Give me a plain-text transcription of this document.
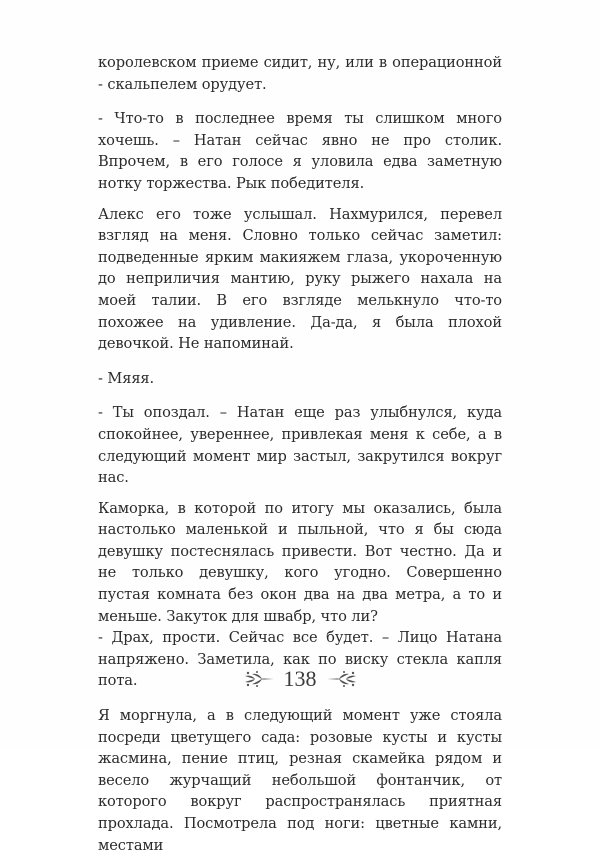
королевском приеме сидит, ну, или в операционной - скальпелем орудует.

- Что-то в последнее время ты слишком много хочешь. – Натан сейчас явно не про столик. Впрочем, в его голосе я уловила едва заметную нотку торжества. Рык победителя.

Алекс его тоже услышал. Нахмурился, перевел взгляд на меня. Словно только сейчас заметил: подведенные ярким макияжем глаза, укороченную до неприличия мантию, руку рыжего нахала на моей талии. В его взгляде мелькнуло что-то похожее на удивление. Да-да, я была плохой девочкой. Не напоминай.

- Мяяя.

- Ты опоздал. – Натан еще раз улыбнулся, куда спокойнее, увереннее, привлекая меня к себе, а в следующий момент мир застыл, закрутился вокруг нас.

Каморка, в которой по итогу мы оказались, была настолько маленькой и пыльной, что я бы сюда девушку постеснялась привести. Вот честно. Да и не только девушку, кого угодно. Совершенно пустая комната без окон два на два метра, а то и меньше. Закуток для швабр, что ли?

- Драх, прости. Сейчас все будет. – Лицо Натана напряжено. Заметила, как по виску стекла капля пота.

Я моргнула, а в следующий момент уже стояла посреди цветущего сада: розовые кусты и кусты жасмина, пение птиц, резная скамейка рядом и весело журчащий небольшой фонтанчик, от которого вокруг распространялась приятная прохлада. Посмотрела под ноги: цветные камни, местами

138
